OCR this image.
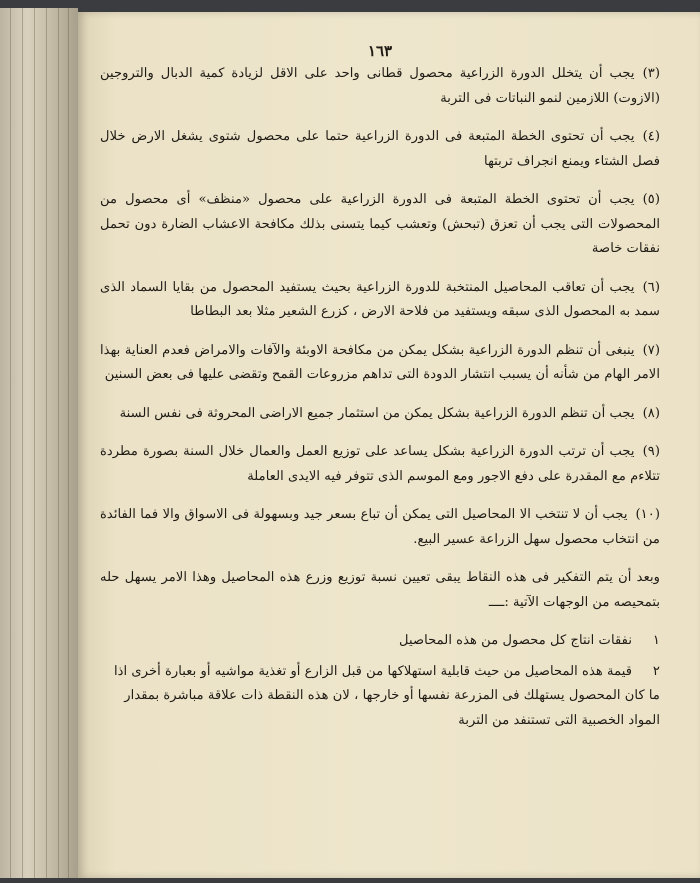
١٦٣

(٣)يجب أن يتخلل الدورة الزراعية محصول قطانى واحد على الاقل لزيادة كمية الدبال والتروجين (الازوت) اللازمين لنمو النباتات فى التربة

(٤)يجب أن تحتوى الخطة المتبعة فى الدورة الزراعية حتما على محصول شتوى يشغل الارض خلال فصل الشتاء ويمنع انجراف تربتها

(٥)يجب أن تحتوى الخطة المتبعة فى الدورة الزراعية على محصول «منظف» أى محصول من المحصولات التى يجب أن تعزق (تبحش) وتعشب كيما يتسنى بذلك مكافحة الاعشاب الضارة دون تحمل نفقات خاصة

(٦)يجب أن تعاقب المحاصيل المنتخبة للدورة الزراعية بحيث يستفيد المحصول من بقايا السماد الذى سمد به المحصول الذى سبقه ويستفيد من فلاحة الارض ، كزرع الشعير مثلا بعد البطاطا

(٧)ينبغى أن تنظم الدورة الزراعية بشكل يمكن من مكافحة الاوبئة والآفات والامراض فعدم العناية بهذا الامر الهام من شأنه أن يسبب انتشار الدودة التى تداهم مزروعات القمح وتقضى عليها فى بعض السنين

(٨)يجب أن تنظم الدورة الزراعية بشكل يمكن من استثمار جميع الاراضى المحروثة فى نفس السنة

(٩)يجب أن ترتب الدورة الزراعية بشكل يساعد على توزيع العمل والعمال خلال السنة بصورة مطردة تتلاءم مع المقدرة على دفع الاجور ومع الموسم الذى تتوفر فيه الايدى العاملة

(١٠)يجب أن لا تنتخب الا المحاصيل التى يمكن أن تباع بسعر جيد وبسهولة فى الاسواق والا فما الفائدة من انتخاب محصول سهل الزراعة عسير البيع.

وبعد أن يتم التفكير فى هذه النقاط يبقى تعيين نسبة توزيع وزرع هذه المحاصيل وهذا الامر يسهل حله بتمحيصه من الوجهات الآتية :ــــ

١نفقات انتاج كل محصول من هذه المحاصيل
٢قيمة هذه المحاصيل من حيث قابلية استهلاكها من قبل الزارع أو تغذية مواشيه أو بعبارة أخرى اذا ما كان المحصول يستهلك فى المزرعة نفسها أو خارجها ، لان هذه النقطة ذات علاقة مباشرة بمقدار المواد الخصبية التى تستنفد من التربة
